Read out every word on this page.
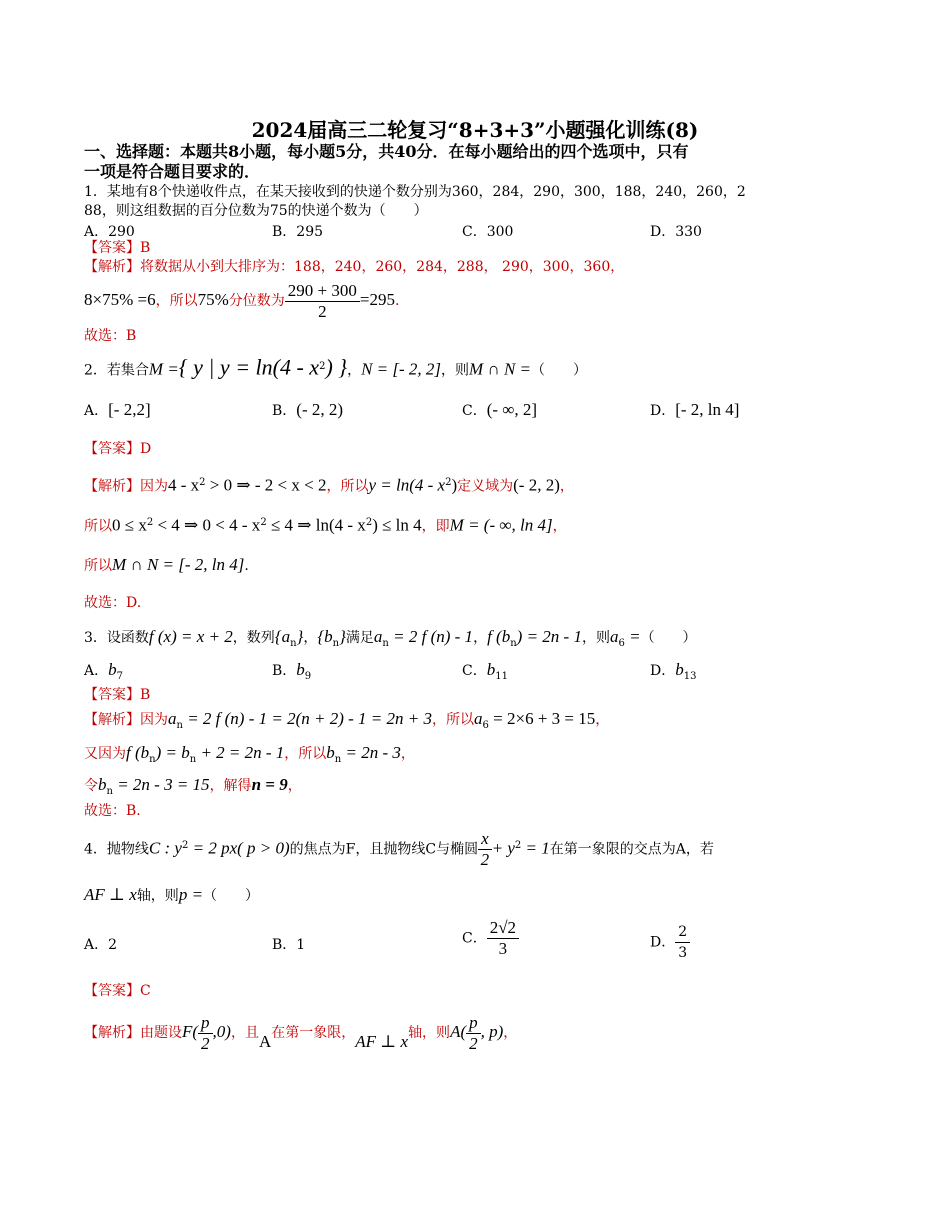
2024届高三二轮复习“8+3+3”小题强化训练(8)
一、选择题：本题共8小题，每小题5分，共40分．在每小题给出的四个选项中，只有
一项是符合题目要求的．
1．某地有8个快递收件点，在某天接收到的快递个数分别为360，284，290，300，188，240，260，2
88，则这组数据的百分位数为75的快递个数为（　　）
A．290	B．295	C．300	D．330
【答案】B
【解析】将数据从小到大排序为：188，240，260，284，288， 290，300，360，
8×75% =6，所以75%分位数为 $\frac{290 + 300}{2} =295$.
故选：B
2．若集合M ={ y | $y = \ln(4 - x^2)$ }，N = [- 2, 2]，则M ∩ N =（　　）
A．[- 2,2]	B．(- 2, 2)	C．(- ∞, 2]	D．[- 2, ln 4]
【答案】D
【解析】因为$4 - x^2 > 0$ ⇒ - 2 < x < 2，所以$y = \ln(4 - x^2)$定义域为(- 2, 2)，
所以$0 \le x^2 < 4$ ⇒ $0 < 4 - x^2 \le 4$ ⇒ $\ln(4 - x^2) \le \ln 4$，即M = (- ∞, ln 4]，
所以M ∩ N = [- 2, ln 4].
故选：D.
3．设函数f (x) = x + 2，数列$\{a_n\}$，$\{b_n\}$满足$a_n = 2$ f (n) - 1，f $(b_n) = 2n - 1$，则$a_6$ =（　　）
A．$b_7$	B．$b_9$	C．$b_{11}$	D．$b_{13}$
【答案】B
【解析】因为$a_n = 2$ f (n) - 1 = 2(n + 2) - 1 = 2n + 3，所以$a_6 = 2\times 6 + 3 = 15$，
又因为f $(b_n) = b_n + 2 = 2n - 1$，所以$b_n = 2n - 3$，
令$b_n = 2n - 3 = 15$，解得n = 9，
故选：B.
4．抛物线C : $y^2 = 2$ px( p > 0)的焦点为F，且抛物线C与椭圆 $\frac{x}{2} + y^2 = 1$在第一象限的交点为A，若
AF ⊥ x轴，则p =（　　）
A．2	B．1	C． $\frac{2√2}{3}$	D． $\frac{2}{3}$
【答案】C
【解析】由题设$F( \frac{p}{2} ,0)$，且A在第一象限，AF ⊥ x轴，则$A( \frac{p}{2}$ , p)，
